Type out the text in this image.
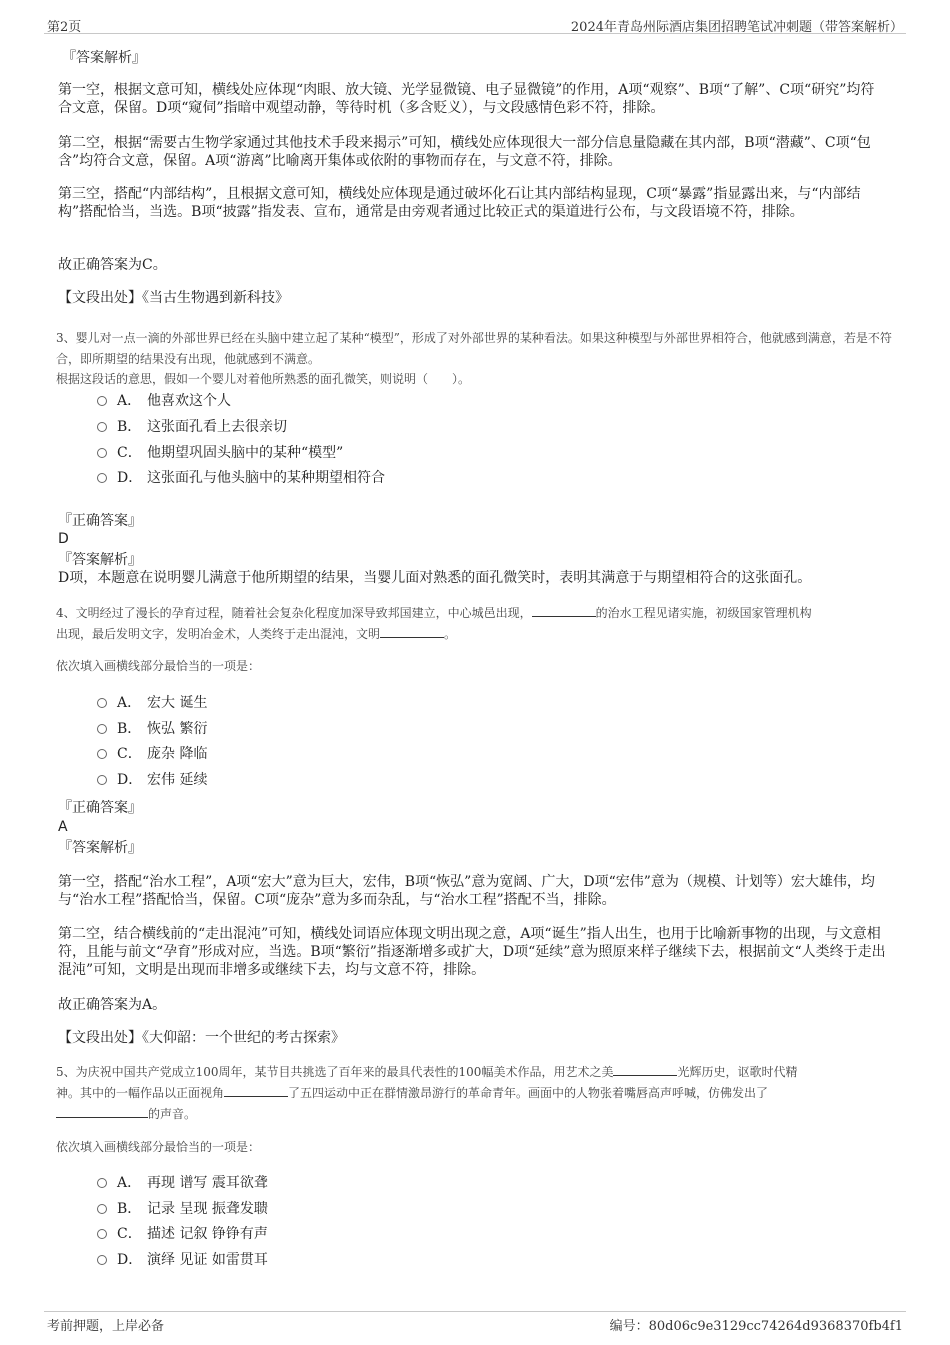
第2页	2024年青岛州际酒店集团招聘笔试冲刺题（带答案解析）
『答案解析』
第一空，根据文意可知，横线处应体现“肉眼、放大镜、光学显微镜、电子显微镜”的作用，A项“观察”、B项“了解”、C项“研究”均符合文意，保留。D项“窥伺”指暗中观望动静，等待时机（多含贬义），与文段感情色彩不符，排除。
第二空，根据“需要古生物学家通过其他技术手段来揭示”可知，横线处应体现很大一部分信息量隐藏在其内部，B项“潜藏”、C项“包含”均符合文意，保留。A项“游离”比喻离开集体或依附的事物而存在，与文意不符，排除。
第三空，搭配“内部结构”，且根据文意可知，横线处应体现是通过破坏化石让其内部结构显现，C项“暴露”指显露出来，与“内部结构”搭配恰当，当选。B项“披露”指发表、宣布，通常是由旁观者通过比较正式的渠道进行公布，与文段语境不符，排除。
故正确答案为C。
【文段出处】《当古生物遇到新科技》
3、婴儿对一点一滴的外部世界已经在头脑中建立起了某种“模型”，形成了对外部世界的某种看法。如果这种模型与外部世界相符合，他就感到满意，若是不符合，即所期望的结果没有出现，他就感到不满意。
根据这段话的意思，假如一个婴儿对着他所熟悉的面孔微笑，则说明（　　）。
A． 他喜欢这个人
B． 这张面孔看上去很亲切
C． 他期望巩固头脑中的某种“模型”
D． 这张面孔与他头脑中的某种期望相符合
『正确答案』
D
『答案解析』
D项，本题意在说明婴儿满意于他所期望的结果，当婴儿面对熟悉的面孔微笑时，表明其满意于与期望相符合的这张面孔。
4、文明经过了漫长的孕育过程，随着社会复杂化程度加深导致邦国建立，中心城邑出现，	的治水工程见诸实施，初级国家管理机构
出现，最后发明文字，发明冶金术，人类终于走出混沌，文明	。
依次填入画横线部分最恰当的一项是：
A． 宏大 诞生
B． 恢弘 繁衍
C． 庞杂 降临
D． 宏伟 延续
『正确答案』
A
『答案解析』
第一空，搭配“治水工程”，A项“宏大”意为巨大，宏伟，B项“恢弘”意为宽阔、广大，D项“宏伟”意为（规模、计划等）宏大雄伟，均与“治水工程”搭配恰当，保留。C项“庞杂”意为多而杂乱，与“治水工程”搭配不当，排除。
第二空，结合横线前的“走出混沌”可知，横线处词语应体现文明出现之意，A项“诞生”指人出生，也用于比喻新事物的出现，与文意相符，且能与前文“孕育”形成对应，当选。B项“繁衍”指逐渐增多或扩大，D项“延续”意为照原来样子继续下去，根据前文“人类终于走出混沌”可知，文明是出现而非增多或继续下去，均与文意不符，排除。
故正确答案为A。
【文段出处】《大仰韶：一个世纪的考古探索》
5、为庆祝中国共产党成立100周年，某节目共挑选了百年来的最具代表性的100幅美术作品，用艺术之美	光辉历史，讴歌时代精
神。其中的一幅作品以正面视角	了五四运动中正在群情激昂游行的革命青年。画面中的人物张着嘴唇高声呼喊，仿佛发出了
的声音。
依次填入画横线部分最恰当的一项是：
A． 再现 谱写 震耳欲聋
B． 记录 呈现 振聋发聩
C． 描述 记叙 铮铮有声
D． 演绎 见证 如雷贯耳
考前押题，上岸必备	编号：80d06c9e3129cc74264d9368370fb4f1
